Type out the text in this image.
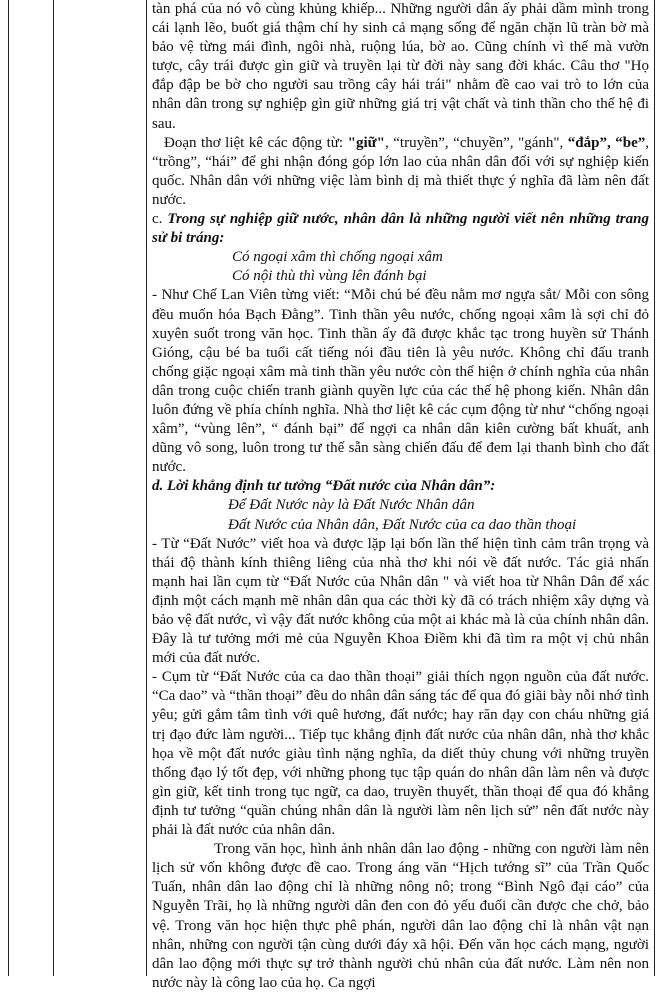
tàn phá của nó vô cùng khủng khiếp... Những người dân ấy phải dầm mình trong cái lạnh lẽo, buốt giá thậm chí hy sinh cả mạng sống để ngăn chặn lũ tràn bờ mà bảo vệ từng mái đình, ngôi nhà, ruộng lúa, bờ ao. Cũng chính vì thế mà vườn tược, cây trái được gìn giữ và truyền lại từ đời này sang đời khác. Câu thơ "Họ đắp đập be bờ cho người sau trồng cây hái trái" nhằm đề cao vai trò to lớn của nhân dân trong sự nghiệp gìn giữ những giá trị vật chất và tinh thần cho thế hệ đi sau.

Đoạn thơ liệt kê các động từ: "giữ", “truyền”, “chuyền”, "gánh", “đắp”, “be”, “trồng”, “hái” để ghi nhận đóng góp lớn lao của nhân dân đối với sự nghiệp kiến quốc. Nhân dân với những việc làm bình dị mà thiết thực ý nghĩa đã làm nên đất nước.

c. Trong sự nghiệp giữ nước, nhân dân là những người viết nên những trang sử bi tráng:

Có ngoại xâm thì chống ngoại xâm

Có nội thù thì vùng lên đánh bại

- Như Chế Lan Viên từng viết: “Mỗi chú bé đều nằm mơ ngựa sắt/ Mỗi con sông đều muốn hóa Bạch Đằng”. Tinh thần yêu nước, chống ngoại xâm là sợi chỉ đỏ xuyên suốt trong văn học. Tinh thần ấy đã được khắc tạc trong huyền sử Thánh Gióng, cậu bé ba tuổi cất tiếng nói đầu tiên là yêu nước. Không chỉ đấu tranh chống giặc ngoại xâm mà tinh thần yêu nước còn thể hiện ở chính nghĩa của nhân dân trong cuộc chiến tranh giành quyền lực của các thế hệ phong kiến. Nhân dân luôn đứng về phía chính nghĩa. Nhà thơ liệt kê các cụm động từ như “chống ngoại xâm”, “vùng lên”, “ đánh bại” để ngợi ca nhân dân kiên cường bất khuất, anh dũng vô song, luôn trong tư thế sẵn sàng chiến đấu để đem lại thanh bình cho đất nước.

d. Lời khẳng định tư tưởng “Đất nước của Nhân dân”:

Để Đất Nước này là Đất Nước Nhân dân

Đất Nước của Nhân dân, Đất Nước của ca dao thần thoại

- Từ “Đất Nước” viết hoa và được lặp lại bốn lần thể hiện tình cảm trân trọng và thái độ thành kính thiêng liêng của nhà thơ khi nói về đất nước. Tác giả nhấn mạnh hai lần cụm từ “Đất Nước của Nhân dân " và viết hoa từ Nhân Dân để xác định một cách mạnh mẽ nhân dân qua các thời kỳ đã có trách nhiệm xây dựng và bảo vệ đất nước, vì vậy đất nước không của một ai khác mà là của chính nhân dân. Đây là tư tưởng mới mẻ của Nguyễn Khoa Điềm khi đã tìm ra một vị chủ nhân mới của đất nước.

- Cụm từ “Đất Nước của ca dao thần thoại” giải thích ngọn nguồn của đất nước. “Ca dao” và “thần thoại” đều do nhân dân sáng tác để qua đó giãi bày nỗi nhớ tình yêu; gửi gắm tâm tình với quê hương, đất nước; hay răn dạy con cháu những giá trị đạo đức làm người... Tiếp tục khẳng định đất nước của nhân dân, nhà thơ khắc họa về một đất nước giàu tình nặng nghĩa, da diết thủy chung với những truyền thống đạo lý tốt đẹp, với những phong tục tập quán do nhân dân làm nên và được gìn giữ, kết tinh trong tục ngữ, ca dao, truyền thuyết, thần thoại để qua đó khẳng định tư tưởng “quần chúng nhân dân là người làm nên lịch sử” nên đất nước này phải là đất nước của nhân dân.

Trong văn học, hình ảnh nhân dân lao động - những con người làm nên lịch sử vốn không được đề cao. Trong áng văn “Hịch tướng sĩ” của Trần Quốc Tuấn, nhân dân lao động chỉ là những nông nô; trong “Bình Ngô đại cáo” của Nguyễn Trãi, họ là những người dân đen con đỏ yếu đuối cần được che chở, bảo vệ. Trong văn học hiện thực phê phán, người dân lao động chỉ là nhân vật nạn nhân, những con người tận cùng dưới đáy xã hội. Đến văn học cách mạng, người dân lao động mới thực sự trở thành người chủ nhân của đất nước. Làm nên non nước này là công lao của họ. Ca ngợi
